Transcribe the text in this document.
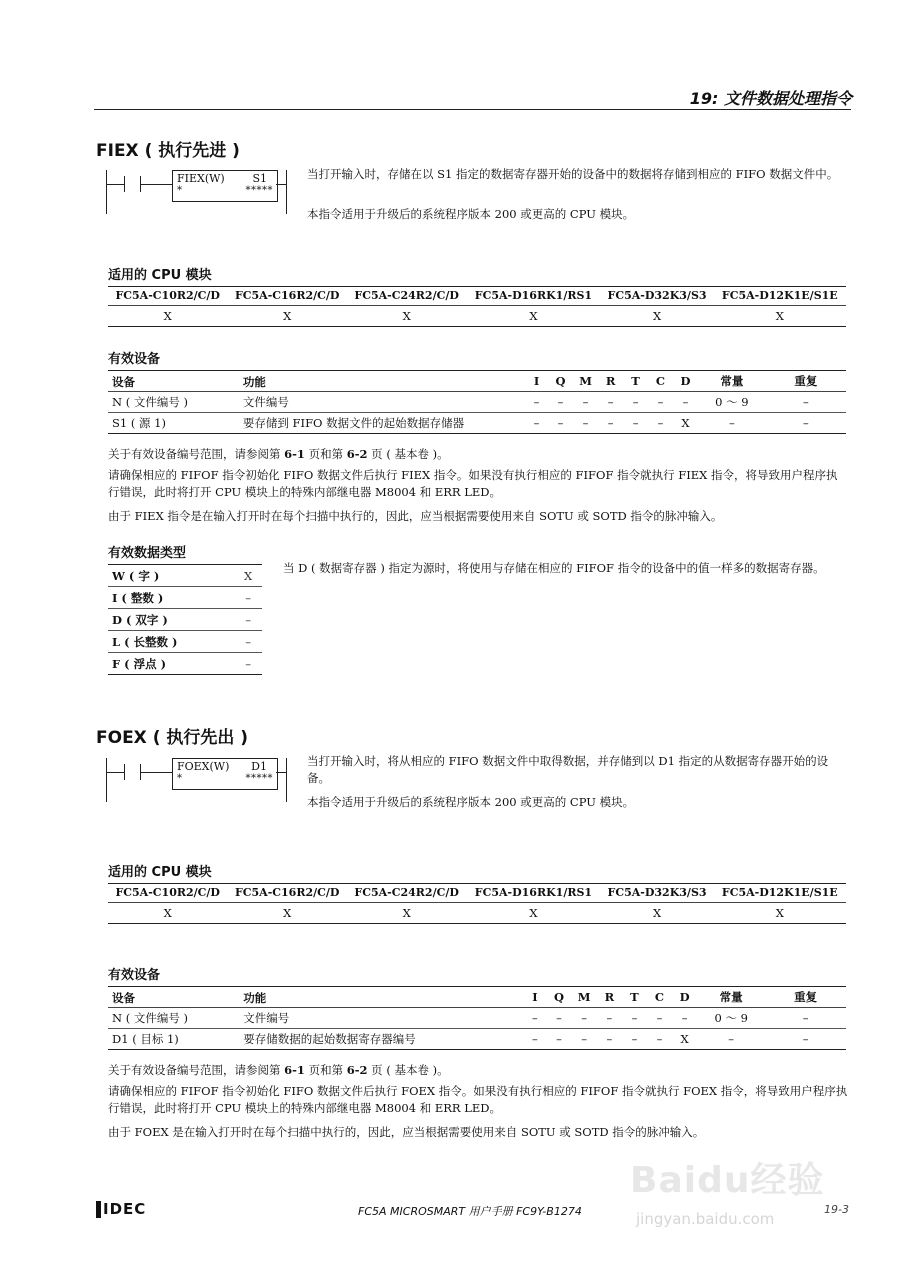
19: 文件数据处理指令
FIEX ( 执行先进 )
FIEX(W)	S1
*	*****
当打开输入时，存储在以 S1 指定的数据寄存器开始的设备中的数据将存储到相应的 FIFO 数据文件中。
本指令适用于升级后的系统程序版本 200 或更高的 CPU 模块。
适用的 CPU 模块
FC5A-C10R2/C/D	FC5A-C16R2/C/D	FC5A-C24R2/C/D	FC5A-D16RK1/RS1	FC5A-D32K3/S3	FC5A-D12K1E/S1E
X	X	X	X	X	X
有效设备
设备	功能	I	Q	M	R	T	C	D	常量	重复
N ( 文件编号 )	文件编号	–	–	–	–	–	–	–	0 ～ 9	–
S1 ( 源 1)	要存储到 FIFO 数据文件的起始数据存储器	–	–	–	–	–	–	X	–	–
关于有效设备编号范围，请参阅第 6-1 页和第 6-2 页 ( 基本卷 )。
请确保相应的 FIFOF 指令初始化 FIFO 数据文件后执行 FIEX 指令。如果没有执行相应的 FIFOF 指令就执行 FIEX 指令，将导致用户程序执行错误，此时将打开 CPU 模块上的特殊内部继电器 M8004 和 ERR LED。
由于 FIEX 指令是在输入打开时在每个扫描中执行的，因此，应当根据需要使用来自 SOTU 或 SOTD 指令的脉冲输入。
有效数据类型
W ( 字 )	X
I ( 整数 )	–
D ( 双字 )	–
L ( 长整数 )	–
F ( 浮点 )	–
当 D ( 数据寄存器 ) 指定为源时，将使用与存储在相应的 FIFOF 指令的设备中的值一样多的数据寄存器。
FOEX ( 执行先出 )
FOEX(W) D1
*	*****
当打开输入时，将从相应的 FIFO 数据文件中取得数据，并存储到以 D1 指定的从数据寄存器开始的设备。
本指令适用于升级后的系统程序版本 200 或更高的 CPU 模块。
适用的 CPU 模块
FC5A-C10R2/C/D	FC5A-C16R2/C/D	FC5A-C24R2/C/D	FC5A-D16RK1/RS1	FC5A-D32K3/S3	FC5A-D12K1E/S1E
X	X	X	X	X	X
有效设备
设备	功能	I	Q	M	R	T	C	D	常量	重复
N ( 文件编号 )	文件编号	–	–	–	–	–	–	–	0 ～ 9	–
D1 ( 目标 1)	要存储数据的起始数据寄存器编号	–	–	–	–	–	–	X	–	–
关于有效设备编号范围，请参阅第 6-1 页和第 6-2 页 ( 基本卷 )。
请确保相应的 FIFOF 指令初始化 FIFO 数据文件后执行 FOEX 指令。如果没有执行相应的 FIFOF 指令就执行 FOEX 指令，将导致用户程序执行错误，此时将打开 CPU 模块上的特殊内部继电器 M8004 和 ERR LED。
由于 FOEX 是在输入打开时在每个扫描中执行的，因此，应当根据需要使用来自 SOTU 或 SOTD 指令的脉冲输入。
Baidu经验
jingyan.baidu.com
IDEC	FC5A MICROSMART 用户手册 FC9Y-B1274	19-3
